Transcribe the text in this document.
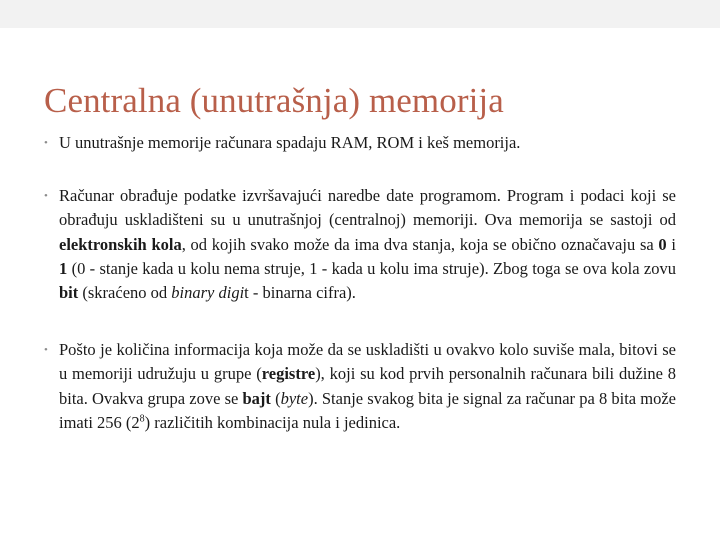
Centralna (unutrašnja) memorija
• U unutrašnje memorije računara spadaju RAM, ROM i keš memorija.
• Računar obrađuje podatke izvršavajući naredbe date programom. Program i podaci koji se obrađuju uskladišteni su u unutrašnjoj (centralnoj) memoriji. Ova memorija se sastoji od elektronskih kola, od kojih svako može da ima dva stanja, koja se obično označavaju sa 0 i 1 (0 - stanje kada u kolu nema struje, 1 - kada u kolu ima struje). Zbog toga se ova kola zovu bit (skraćeno od binary digit - binarna cifra).
• Pošto je količina informacija koja može da se uskladišti u ovakvo kolo suviše mala, bitovi se u memoriji udružuju u grupe (registre), koji su kod prvih personalnih računara bili dužine 8 bita. Ovakva grupa zove se bajt (byte). Stanje svakog bita je signal za računar pa 8 bita može imati 256 $(2^8)$ različitih kombinacija nula i jedinica.
